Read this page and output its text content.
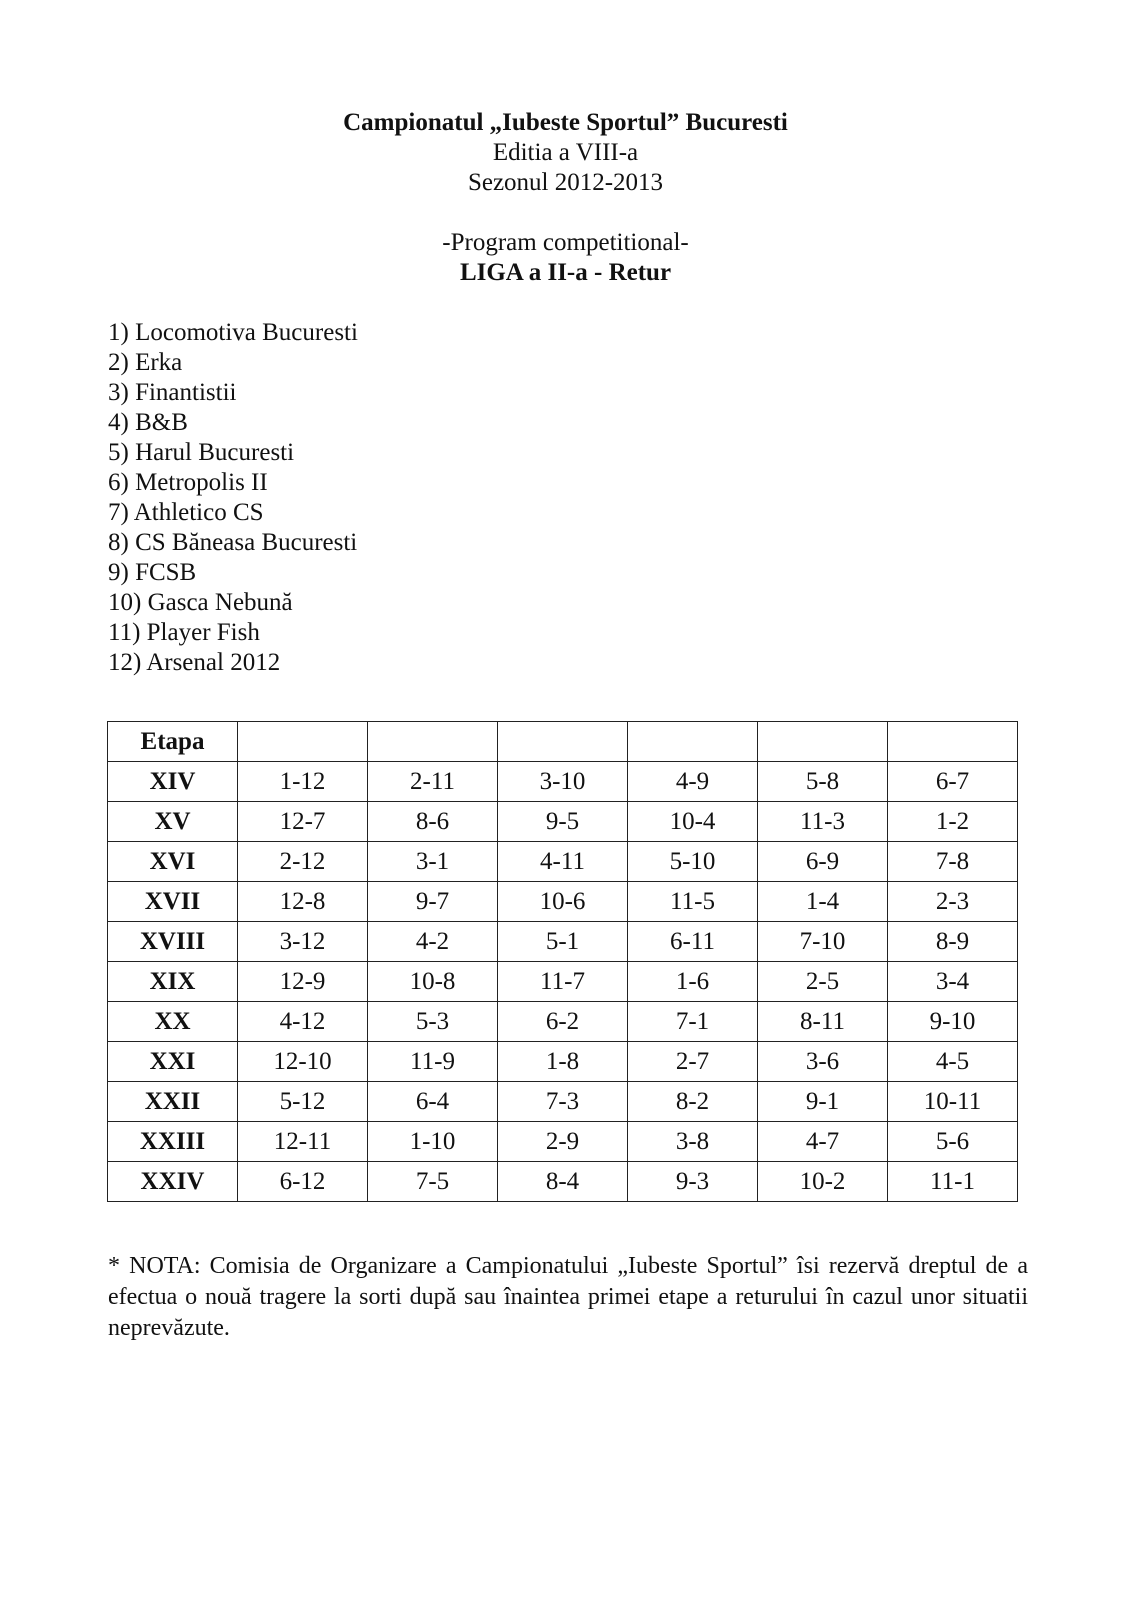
Campionatul „Iubeste Sportul” Bucuresti
Editia a VIII-a
Sezonul 2012-2013
-Program competitional-
LIGA a II-a - Retur
1) Locomotiva Bucuresti
2) Erka
3) Finantistii
4) B&B
5) Harul Bucuresti
6) Metropolis II
7) Athletico CS
8) CS Băneasa Bucuresti
9) FCSB
10) Gasca Nebună
11) Player Fish
12) Arsenal 2012
Etapa						
XIV	1-12	2-11	3-10	4-9	5-8	6-7
XV	12-7	8-6	9-5	10-4	11-3	1-2
XVI	2-12	3-1	4-11	5-10	6-9	7-8
XVII	12-8	9-7	10-6	11-5	1-4	2-3
XVIII	3-12	4-2	5-1	6-11	7-10	8-9
XIX	12-9	10-8	11-7	1-6	2-5	3-4
XX	4-12	5-3	6-2	7-1	8-11	9-10
XXI	12-10	11-9	1-8	2-7	3-6	4-5
XXII	5-12	6-4	7-3	8-2	9-1	10-11
XXIII	12-11	1-10	2-9	3-8	4-7	5-6
XXIV	6-12	7-5	8-4	9-3	10-2	11-1
* NOTA: Comisia de Organizare a Campionatului „Iubeste Sportul” îsi rezervă dreptul de a efectua o nouă tragere la sorti după sau înaintea primei etape a returului în cazul unor situatii neprevăzute.
